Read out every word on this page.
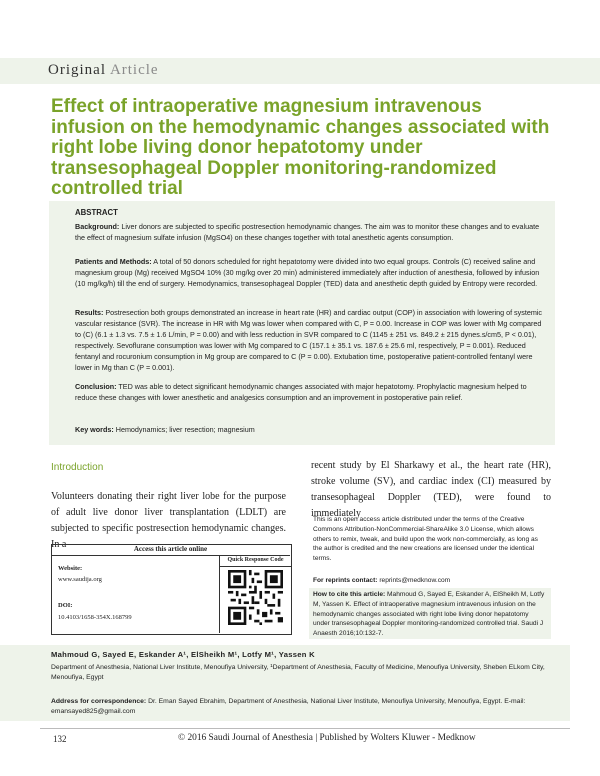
Original Article
Effect of intraoperative magnesium intravenous infusion on the hemodynamic changes associated with right lobe living donor hepatotomy under transesophageal Doppler monitoring-randomized controlled trial
ABSTRACT
Background: Liver donors are subjected to specific postresection hemodynamic changes. The aim was to monitor these changes and to evaluate the effect of magnesium sulfate infusion (MgSO4) on these changes together with total anesthetic agents consumption.
Patients and Methods: A total of 50 donors scheduled for right hepatotomy were divided into two equal groups. Controls (C) received saline and magnesium group (Mg) received MgSO4 10% (30 mg/kg over 20 min) administered immediately after induction of anesthesia, followed by infusion (10 mg/kg/h) till the end of surgery. Hemodynamics, transesophageal Doppler (TED) data and anesthetic depth guided by Entropy were recorded.
Results: Postresection both groups demonstrated an increase in heart rate (HR) and cardiac output (COP) in association with lowering of systemic vascular resistance (SVR). The increase in HR with Mg was lower when compared with C, P = 0.00. Increase in COP was lower with Mg compared to (C) (6.1 ± 1.3 vs. 7.5 ± 1.6 L/min, P = 0.00) and with less reduction in SVR compared to C (1145 ± 251 vs. 849.2 ± 215 dynes.s/cm5, P < 0.01), respectively. Sevoflurane consumption was lower with Mg compared to C (157.1 ± 35.1 vs. 187.6 ± 25.6 ml, respectively, P = 0.001). Reduced fentanyl and rocuronium consumption in Mg group are compared to C (P = 0.00). Extubation time, postoperative patient-controlled fentanyl were lower in Mg than C (P = 0.001).
Conclusion: TED was able to detect significant hemodynamic changes associated with major hepatotomy. Prophylactic magnesium helped to reduce these changes with lower anesthetic and analgesics consumption and an improvement in postoperative pain relief.
Key words: Hemodynamics; liver resection; magnesium
Introduction
Volunteers donating their right liver lobe for the purpose of adult live donor liver transplantation (LDLT) are subjected to specific postresection hemodynamic changes. In a
recent study by El Sharkawy et al., the heart rate (HR), stroke volume (SV), and cardiac index (CI) measured by transesophageal Doppler (TED), were found to immediately
Access this article online
Quick Response Code
Website:
www.saudija.org
DOI:
10.4103/1658-354X.168799
This is an open access article distributed under the terms of the Creative Commons Attribution-NonCommercial-ShareAlike 3.0 License, which allows others to remix, tweak, and build upon the work non-commercially, as long as the author is credited and the new creations are licensed under the identical terms.
For reprints contact: reprints@medknow.com
How to cite this article: Mahmoud G, Sayed E, Eskander A, ElSheikh M, Lotfy M, Yassen K. Effect of intraoperative magnesium intravenous infusion on the hemodynamic changes associated with right lobe living donor hepatotomy under transesophageal Doppler monitoring-randomized controlled trial. Saudi J Anaesth 2016;10:132-7.
Mahmoud G, Sayed E, Eskander A¹, ElSheikh M¹, Lotfy M¹, Yassen K
Department of Anesthesia, National Liver Institute, Menoufiya University, ¹Department of Anesthesia, Faculty of Medicine, Menoufiya University, Sheben ELkom City, Menoufiya, Egypt
Address for correspondence: Dr. Eman Sayed Ebrahim, Department of Anesthesia, National Liver Institute, Menoufiya University, Menoufiya, Egypt. E-mail: emansayed825@gmail.com
132	© 2016 Saudi Journal of Anesthesia | Published by Wolters Kluwer - Medknow
